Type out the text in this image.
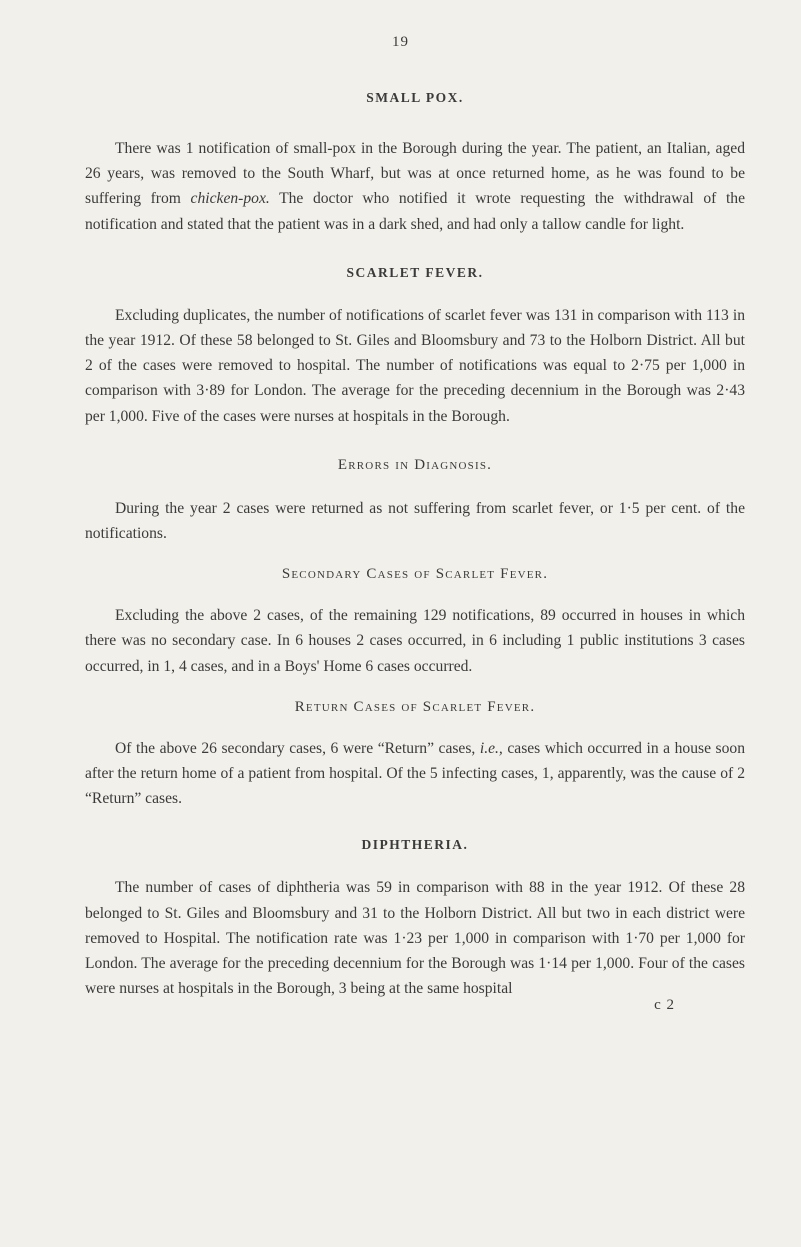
19
SMALL POX.

There was 1 notification of small-pox in the Borough during the year. The patient, an Italian, aged 26 years, was removed to the South Wharf, but was at once returned home, as he was found to be suffering from chicken-pox. The doctor who notified it wrote requesting the withdrawal of the notification and stated that the patient was in a dark shed, and had only a tallow candle for light.

SCARLET FEVER.

Excluding duplicates, the number of notifications of scarlet fever was 131 in comparison with 113 in the year 1912. Of these 58 belonged to St. Giles and Bloomsbury and 73 to the Holborn District. All but 2 of the cases were removed to hospital. The number of notifications was equal to 2·75 per 1,000 in comparison with 3·89 for London. The average for the preceding decennium in the Borough was 2·43 per 1,000. Five of the cases were nurses at hospitals in the Borough.

Errors in Diagnosis.

During the year 2 cases were returned as not suffering from scarlet fever, or 1·5 per cent. of the notifications.

Secondary Cases of Scarlet Fever.

Excluding the above 2 cases, of the remaining 129 notifications, 89 occurred in houses in which there was no secondary case. In 6 houses 2 cases occurred, in 6 including 1 public institutions 3 cases occurred, in 1, 4 cases, and in a Boys' Home 6 cases occurred.

Return Cases of Scarlet Fever.

Of the above 26 secondary cases, 6 were “Return” cases, i.e., cases which occurred in a house soon after the return home of a patient from hospital. Of the 5 infecting cases, 1, apparently, was the cause of 2 “Return” cases.

DIPHTHERIA.

The number of cases of diphtheria was 59 in comparison with 88 in the year 1912. Of these 28 belonged to St. Giles and Bloomsbury and 31 to the Holborn District. All but two in each district were removed to Hospital. The notification rate was 1·23 per 1,000 in comparison with 1·70 per 1,000 for London. The average for the preceding decennium for the Borough was 1·14 per 1,000. Four of the cases were nurses at hospitals in the Borough, 3 being at the same hospital

c 2
